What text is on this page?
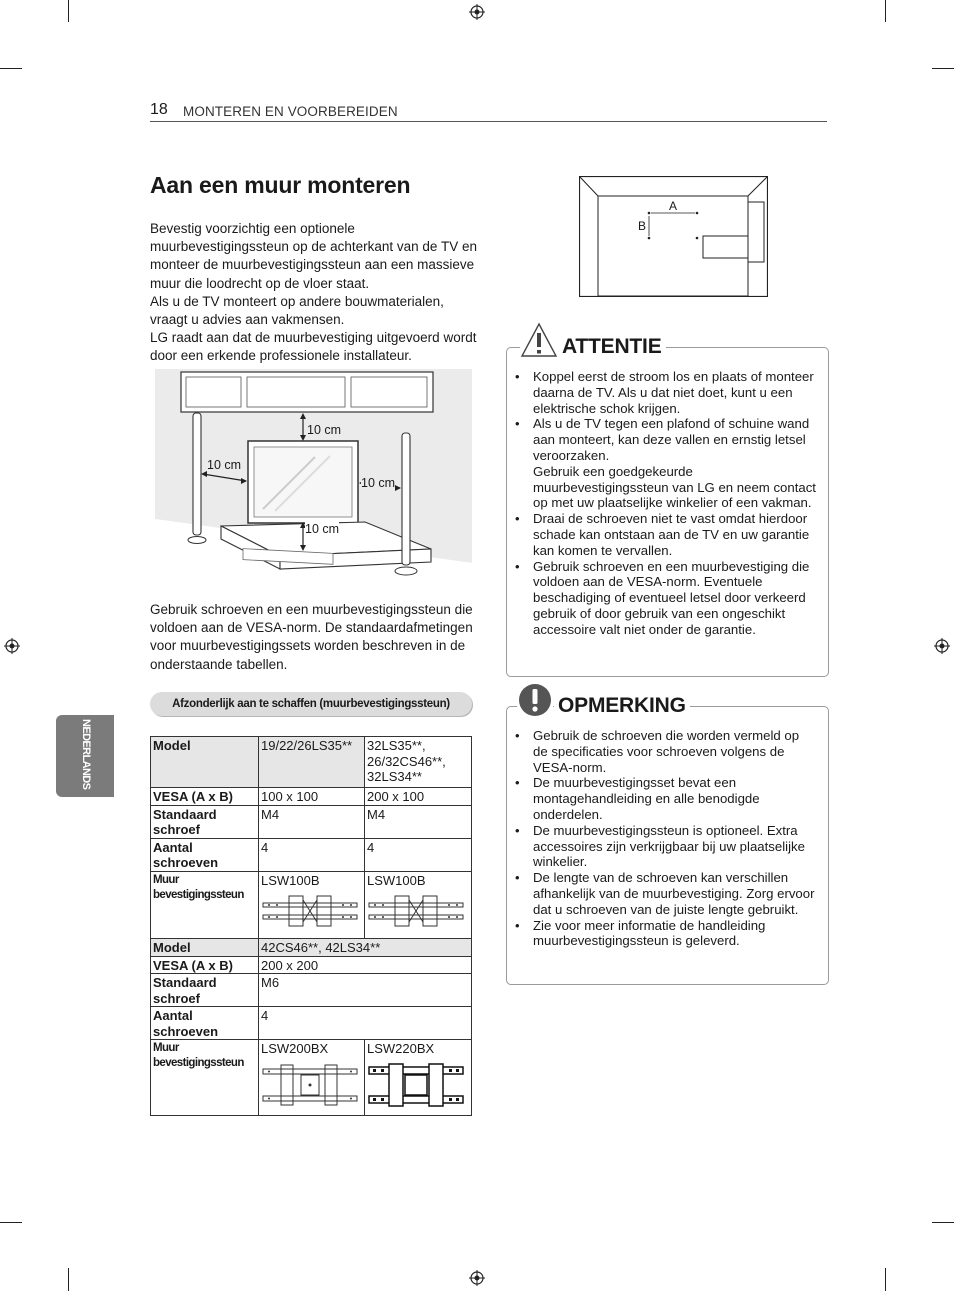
18 MONTEREN EN VOORBEREIDEN
NEDERLANDS
Aan een muur monteren

Bevestig voorzichtig een optionele muurbevestigingssteun op de achterkant van de TV en monteer de muurbevestigingssteun aan een massieve muur die loodrecht op de vloer staat.

Als u de TV monteert op andere bouwmaterialen, vraagt u advies aan vakmensen.

LG raadt aan dat de muurbevestiging uitgevoerd wordt door een erkende professionele installateur.

10 cm
10 cm
10 cm
10 cm
Gebruik schroeven en een muurbevestigingssteun die voldoen aan de VESA-norm. De standaardafmetingen voor muurbevestigingssets worden beschreven in de onderstaande tabellen.
Afzonderlijk aan te schaffen (muurbevestigingssteun)
Model	19/22/26LS35**	32LS35**, 26/32CS46**, 32LS34**
VESA (A x B)	100 x 100	200 x 100
Standaard schroef	M4	M4
Aantal schroeven	4	4
Muur bevestigingssteun	LSW100B	LSW100B
Model	42CS46**, 42LS34**	
VESA (A x B)	200 x 200	
Standaard schroef	M6	
Aantal schroeven	4	
Muur bevestigingssteun	LSW200BX	LSW220BX
A
B
ATTENTIE
• Koppel eerst de stroom los en plaats of monteer daarna de TV. Als u dat niet doet, kunt u een elektrische schok krijgen.
• Als u de TV tegen een plafond of schuine wand aan monteert, kan deze vallen en ernstig letsel veroorzaken.
Gebruik een goedgekeurde muurbevestigingssteun van LG en neem contact op met uw plaatselijke winkelier of een vakman.
• Draai de schroeven niet te vast omdat hierdoor schade kan ontstaan aan de TV en uw garantie kan komen te vervallen.
• Gebruik schroeven en een muurbevestiging die voldoen aan de VESA-norm. Eventuele beschadiging of eventueel letsel door verkeerd gebruik of door gebruik van een ongeschikt accessoire valt niet onder de garantie.
OPMERKING
• Gebruik de schroeven die worden vermeld op de specificaties voor schroeven volgens de VESA-norm.
• De muurbevestigingsset bevat een montagehandleiding en alle benodigde onderdelen.
• De muurbevestigingssteun is optioneel. Extra accessoires zijn verkrijgbaar bij uw plaatselijke winkelier.
• De lengte van de schroeven kan verschillen afhankelijk van de muurbevestiging. Zorg ervoor dat u schroeven van de juiste lengte gebruikt.
• Zie voor meer informatie de handleiding muurbevestigingssteun is geleverd.
